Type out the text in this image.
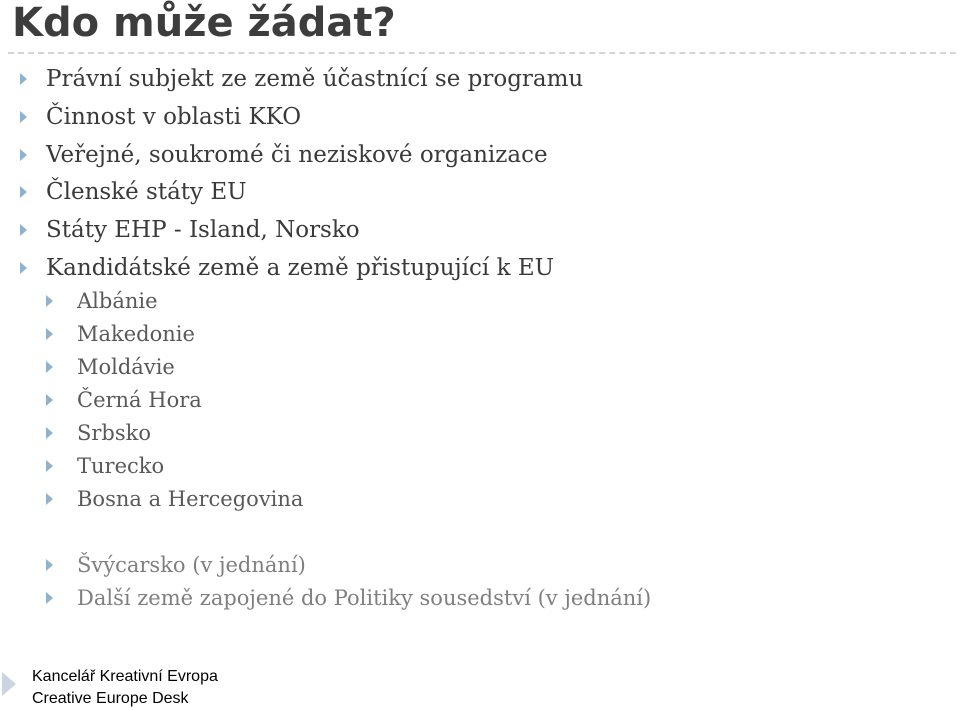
Kdo může žádat?
Právní subjekt ze země účastnící se programu
Činnost v oblasti KKO
Veřejné, soukromé či neziskové organizace
Členské státy EU
Státy EHP - Island, Norsko
Kandidátské země a země přistupující k EU
Albánie
Makedonie
Moldávie
Černá Hora
Srbsko
Turecko
Bosna a Hercegovina
Švýcarsko (v jednání)
Další země zapojené do Politiky sousedství (v jednání)
Kancelář Kreativní Evropa
Creative Europe Desk
